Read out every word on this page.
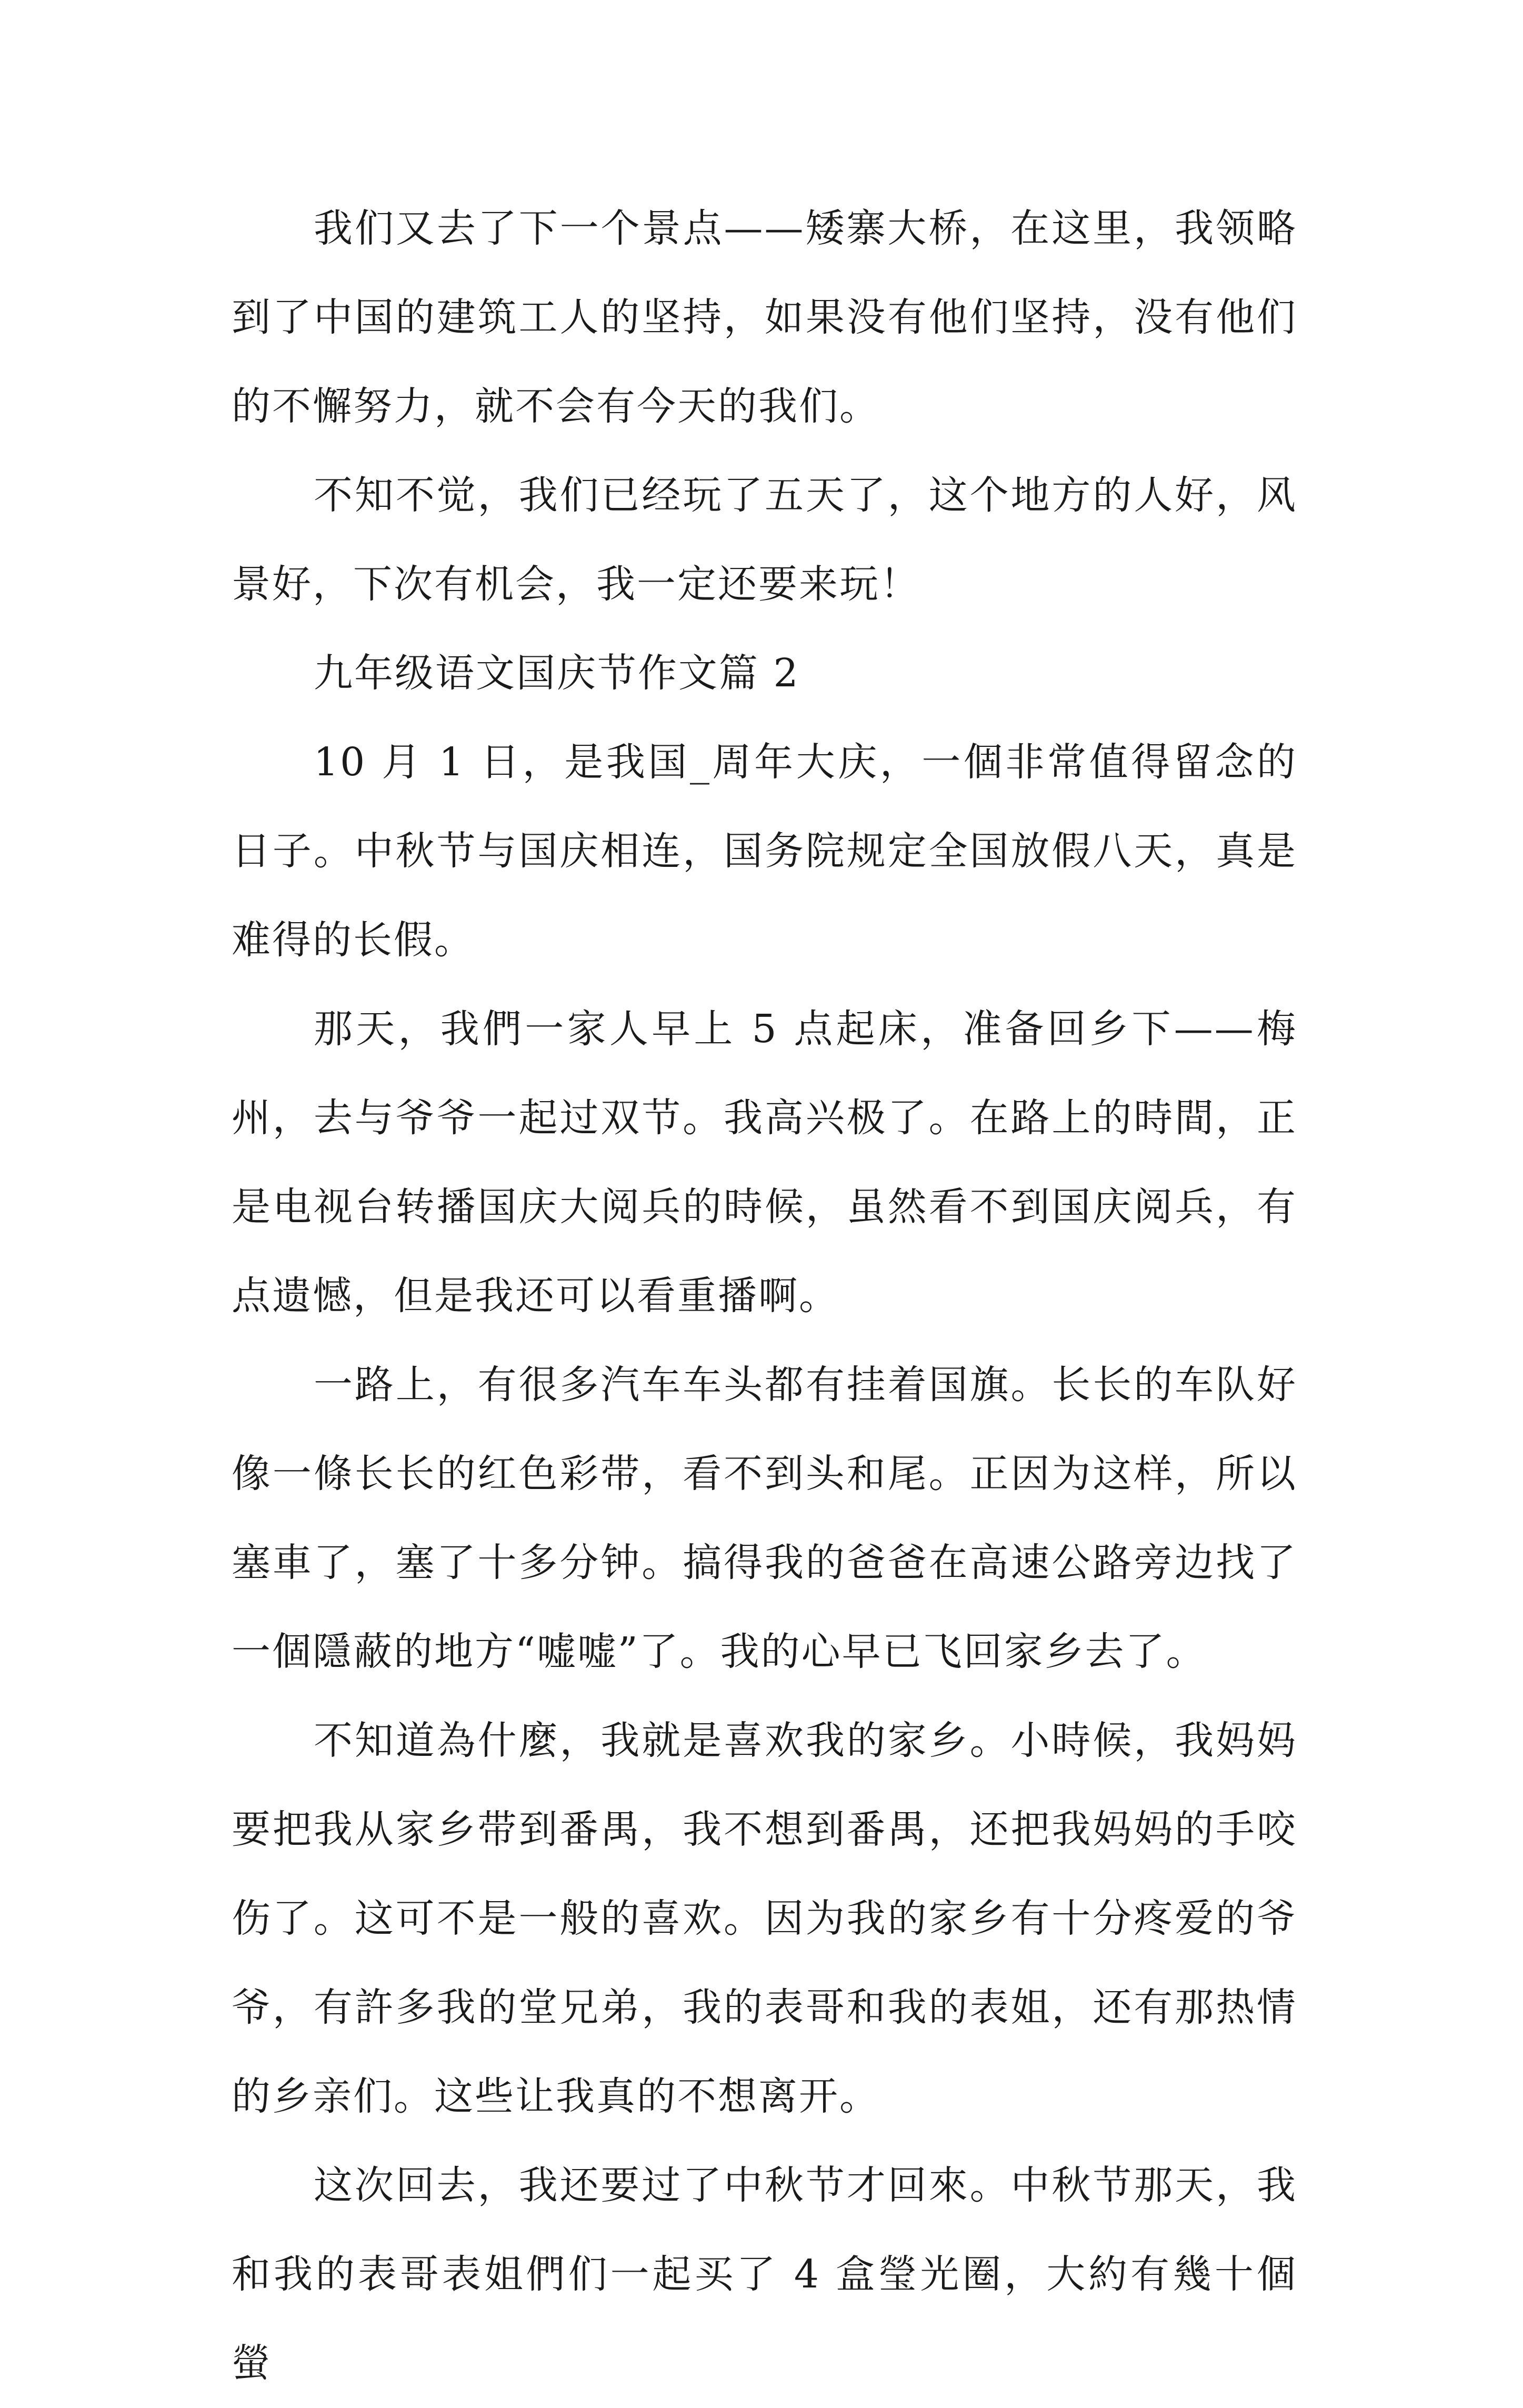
我们又去了下一个景点——矮寨大桥，在这里，我领略到了中国的建筑工人的坚持，如果没有他们坚持，没有他们的不懈努力，就不会有今天的我们。

不知不觉，我们已经玩了五天了，这个地方的人好，风景好，下次有机会，我一定还要来玩！

九年级语文国庆节作文篇 2

10 月 1 日，是我国_周年大庆，一個非常值得留念的日子。中秋节与国庆相连，国务院规定全国放假八天，真是难得的长假。

那天，我們一家人早上 5 点起床，准备回乡下——梅州，去与爷爷一起过双节。我高兴极了。在路上的時間，正是电视台转播国庆大阅兵的時候，虽然看不到国庆阅兵，有点遗憾，但是我还可以看重播啊。

一路上，有很多汽车车头都有挂着国旗。长长的车队好像一條长长的红色彩带，看不到头和尾。正因为这样，所以塞車了，塞了十多分钟。搞得我的爸爸在高速公路旁边找了一個隱蔽的地方“嘘嘘”了。我的心早已飞回家乡去了。

不知道為什麼，我就是喜欢我的家乡。小時候，我妈妈要把我从家乡带到番禺，我不想到番禺，还把我妈妈的手咬伤了。这可不是一般的喜欢。因为我的家乡有十分疼爱的爷爷，有許多我的堂兄弟，我的表哥和我的表姐，还有那热情的乡亲们。这些让我真的不想离开。

这次回去，我还要过了中秋节才回來。中秋节那天，我和我的表哥表姐們们一起买了 4 盒瑩光圈，大約有幾十個螢
